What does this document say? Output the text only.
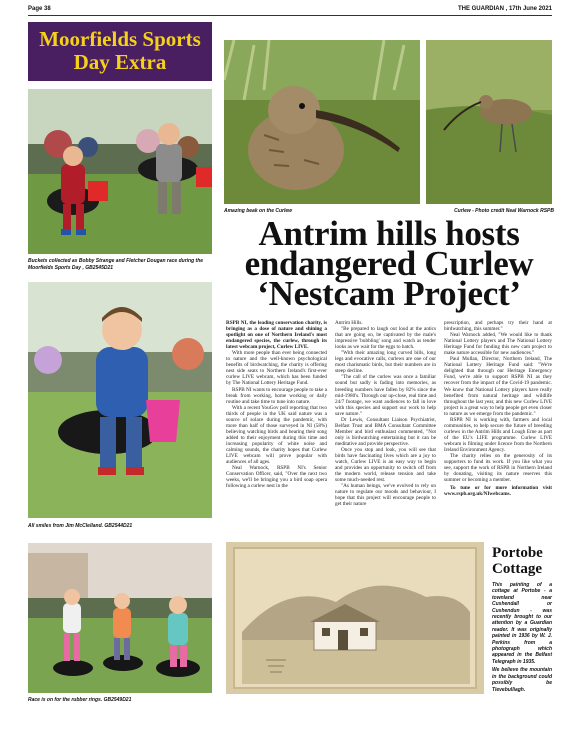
Page 38	THE GUARDIAN , 17th June 2021
Moorfields Sports
Day Extra
Buckets collected as Bobby Strange and Fletcher Dougan race during the Moorfields Sports Day , GB2545D21
All smiles from Jim McClelland. GB2544D21
Race is on for the rubber rings. GB2549D21
Amazing beak on the Curlew	Curlew - Photo credit Neal Warnock RSPB
Antrim hills hosts
endangered Curlew
‘Nestcam Project’

RSPB NI, the leading conservation charity, is bringing as a dose of nature and shining a spotlight on one of Northern Ireland's most endangered species, the curlew, through its latest webcam project, Curlew LIVE.

With more people than ever being connected to nature and the well-known psychological benefits of birdwatching, the charity is offering nest side seats to Northern Ireland's first-ever curlew LIVE webcam, which has been funded by The National Lottery Heritage Fund.

RSPB NI wants to encourage people to take a break from working, home working or daily routine and take time to tune into nature.

With a recent YouGov poll reporting that two thirds of people in the UK said nature was a source of solace during the pandemic, with more than half of those surveyed in NI (58%) believing watching birds and hearing their song added to their enjoyment during this time and increasing popularity of white noise and calming sounds, the charity hopes that Curlew LIVE webcam will prove popular with audiences of all ages.

Neal Warnock, RSPB NI's Senior Conservation Officer, said, "Over the next two weeks, we'll be bringing you a bird soap opera following a curlew nest in the

Antrim Hills.

"Be prepared to laugh out loud at the antics that are going on, be captivated by the male's impressive 'bubbling' song and watch as tender looks as we wait for the eggs to hatch.

"With their amazing long curved bills, long legs and evocative calls, curlews are one of our most charismatic birds, but their numbers are in steep decline.

"The call of the curlew was once a familiar sound but sadly is fading into memories, as breeding numbers have fallen by 82% since the mid-1980's. Through our up-close, real time and 24/7 footage, we want audiences to fall in love with this species and support our work to help save nature."

Dr Lewis, Consultant Liaison Psychiatrist, Belfast Trust and BMA Consultant Committee Member and bird enthusiast commented, "Not only is birdwatching entertaining but it can be meditative and provide perspective.

Once you stop and look, you will see that birds have fascinating lives which are a joy to watch, Curlew LIVE is an easy way to begin and provides an opportunity to switch off from the modern world, release tension and take some much-needed rest.

"As human beings, we've evolved to rely on nature to regulate our moods and behaviour, I hope that this project will encourage people to get their nature

prescription, and perhaps try their hand at birdwatching, this summer."

Neal Warnock added, "We would like to thank National Lottery players and The National Lottery Heritage Fund for funding this new cam project to make nature accessible for new audiences."

Paul Mullan, Director, Northern Ireland, The National Lottery Heritage Fund said: "We're delighted that through our Heritage Emergency Fund, we're able to support RSPB NI as they recover from the impact of the Covid-19 pandemic. We know that National Lottery players have really benefited from natural heritage and wildlife throughout the last year, and this new Curlew LIVE project is a great way to help people get even closer to nature as we emerge from the pandemic."

RSPB NI is working with, farmers and local communities, to help secure the future of breeding curlews in the Antrim Hills and Lough Erne as part of the EU's LIFE programme. Curlew LIVE webcam is filming under licence from the Northern Ireland Environment Agency.

The charity relies on the generosity of its supporters to fund its work. If you like what you see, support the work of RSPB in Northern Ireland by donating, visiting its nature reserves this summer or becoming a member.

To tune or for more information visit www.rspb.org.uk/NIwebcams.

Portobe Cottage

This painting of a cottage at Portobe - a townland near Cushendall or Cushendun - was recently brought to our attention by a Guardian reader. It was originally painted in 1936 by W. J. Perkins from a photograph which appeared in the Belfast Telegraph in 1935.

We believe the mountain in the background could possibly be Tievebulliagh.
